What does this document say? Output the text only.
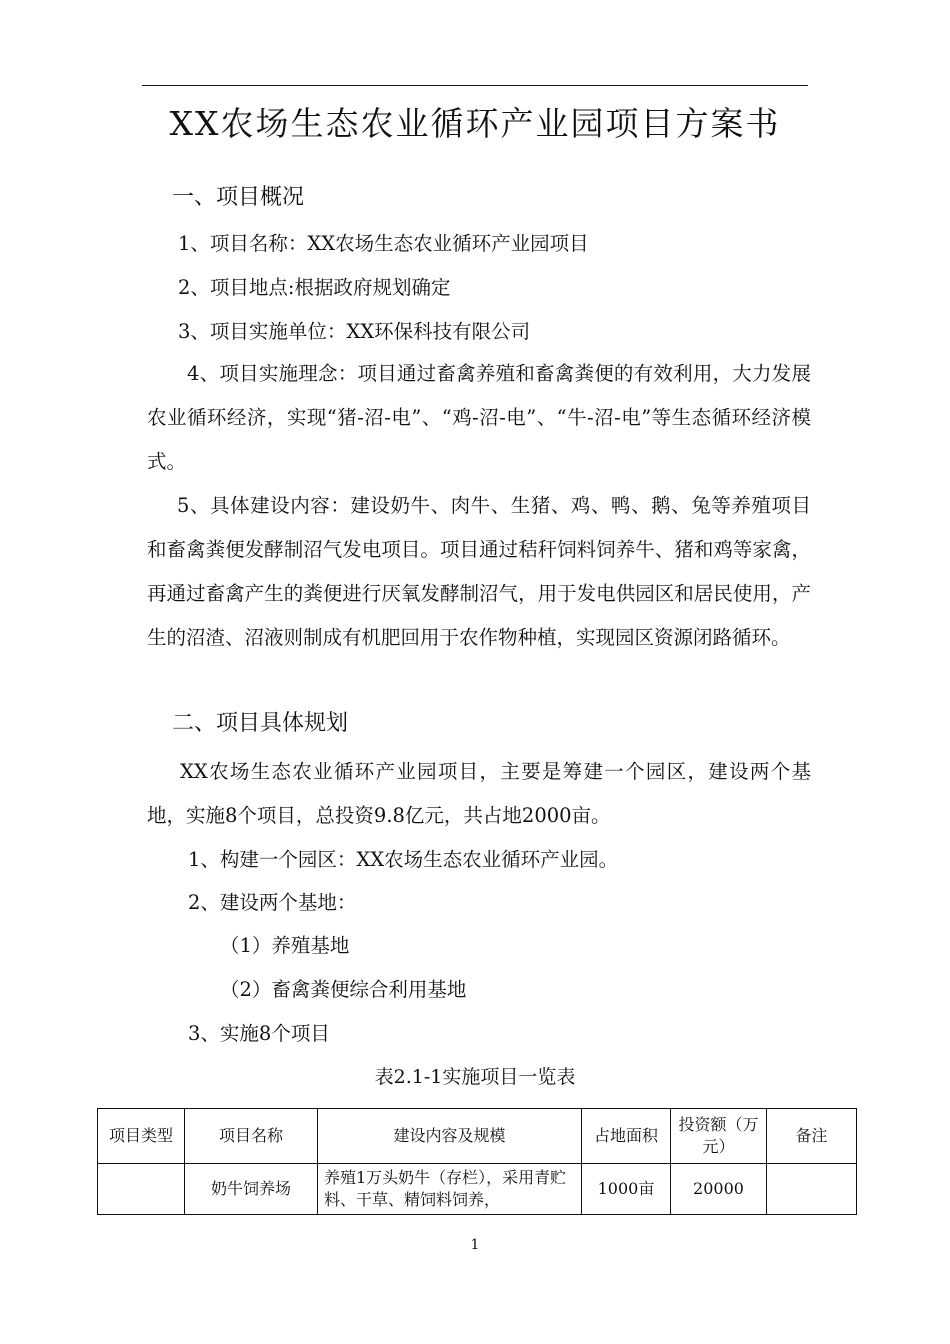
XX农场生态农业循环产业园项目方案书
一、项目概况
1、项目名称：XX农场生态农业循环产业园项目
2、项目地点:根据政府规划确定
3、项目实施单位：XX环保科技有限公司
4、项目实施理念：项目通过畜禽养殖和畜禽粪便的有效利用，大力发展农业循环经济，实现“猪-沼-电”、“鸡-沼-电”、“牛-沼-电”等生态循环经济模式。
5、具体建设内容：建设奶牛、肉牛、生猪、鸡、鸭、鹅、兔等养殖项目和畜禽粪便发酵制沼气发电项目。项目通过秸秆饲料饲养牛、猪和鸡等家禽，再通过畜禽产生的粪便进行厌氧发酵制沼气，用于发电供园区和居民使用，产生的沼渣、沼液则制成有机肥回用于农作物种植，实现园区资源闭路循环。
二、项目具体规划
XX农场生态农业循环产业园项目，主要是筹建一个园区，建设两个基地，实施8个项目，总投资9.8亿元，共占地2000亩。
1、构建一个园区：XX农场生态农业循环产业园。
2、建设两个基地：
（1）养殖基地
（2）畜禽粪便综合利用基地
3、实施8个项目
表2.1-1实施项目一览表
项目类型	项目名称	建设内容及规模	占地面积	投资额（万元）	备注
	奶牛饲养场	养殖1万头奶牛（存栏），采用青贮料、干草、精饲料饲养，	1000亩	20000	
1
